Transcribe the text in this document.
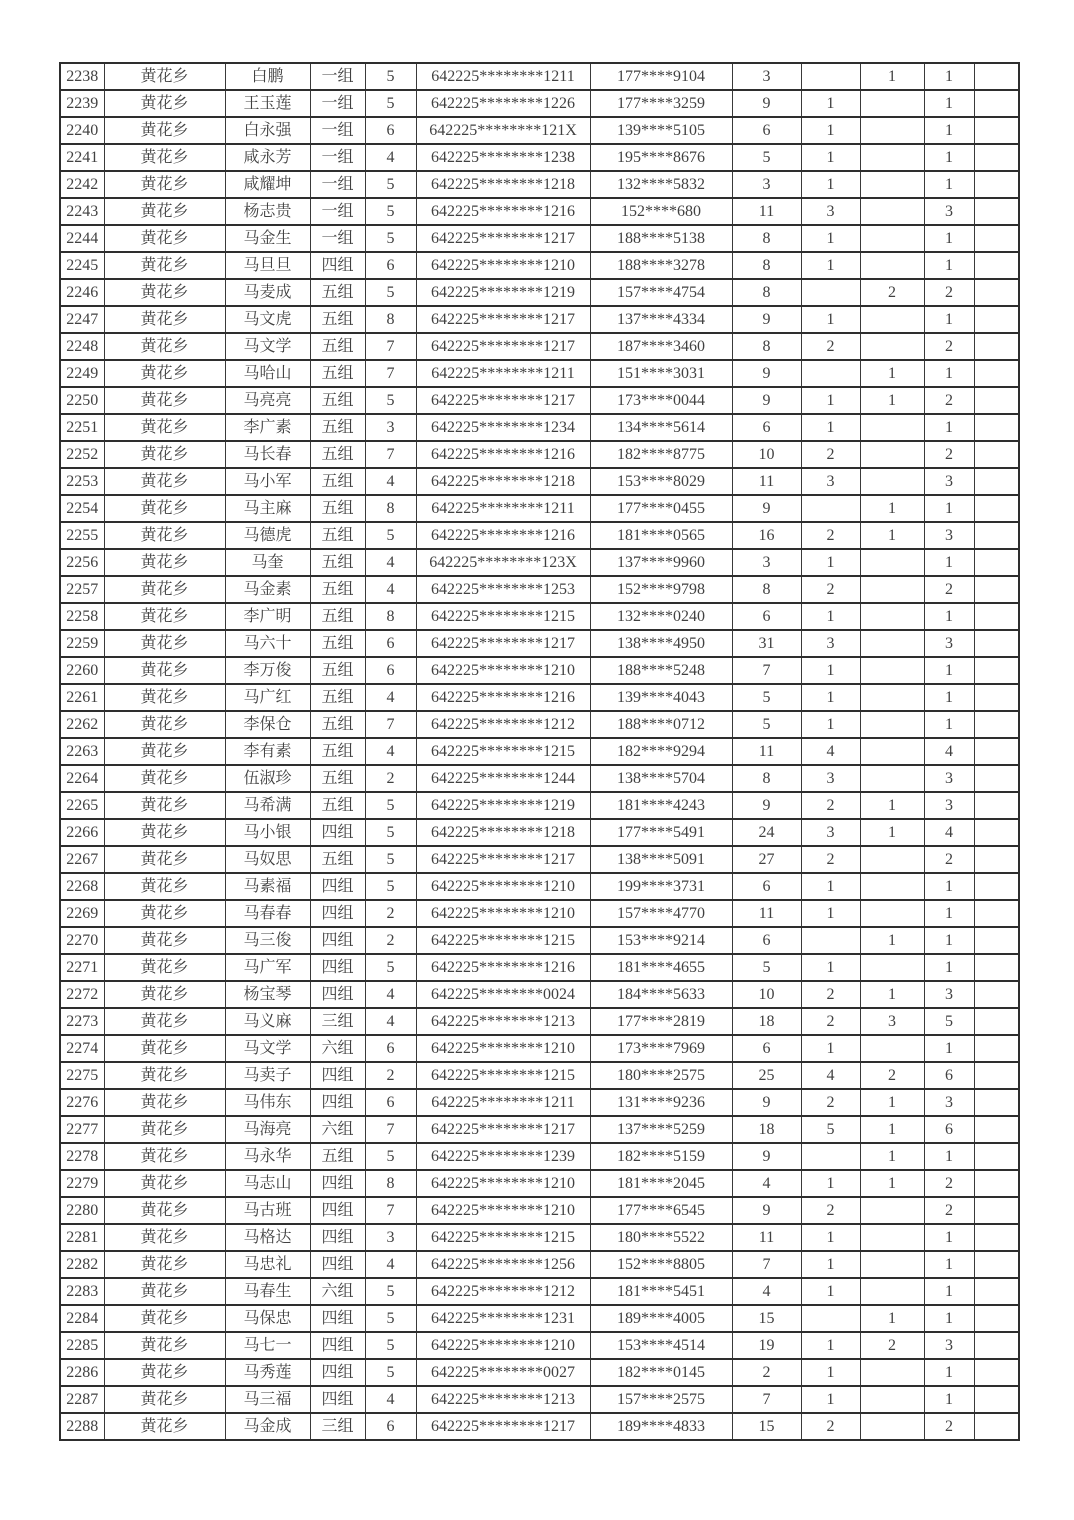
2238	黄花乡	白鹏	一组	5	642225********1211	177****9104	3		1	1	
2239	黄花乡	王玉莲	一组	5	642225********1226	177****3259	9	1		1	
2240	黄花乡	白永强	一组	6	642225********121X	139****5105	6	1		1	
2241	黄花乡	咸永芳	一组	4	642225********1238	195****8676	5	1		1	
2242	黄花乡	咸耀坤	一组	5	642225********1218	132****5832	3	1		1	
2243	黄花乡	杨志贵	一组	5	642225********1216	152****680	11	3		3	
2244	黄花乡	马金生	一组	5	642225********1217	188****5138	8	1		1	
2245	黄花乡	马旦旦	四组	6	642225********1210	188****3278	8	1		1	
2246	黄花乡	马麦成	五组	5	642225********1219	157****4754	8		2	2	
2247	黄花乡	马文虎	五组	8	642225********1217	137****4334	9	1		1	
2248	黄花乡	马文学	五组	7	642225********1217	187****3460	8	2		2	
2249	黄花乡	马哈山	五组	7	642225********1211	151****3031	9		1	1	
2250	黄花乡	马亮亮	五组	5	642225********1217	173****0044	9	1	1	2	
2251	黄花乡	李广素	五组	3	642225********1234	134****5614	6	1		1	
2252	黄花乡	马长春	五组	7	642225********1216	182****8775	10	2		2	
2253	黄花乡	马小军	五组	4	642225********1218	153****8029	11	3		3	
2254	黄花乡	马主麻	五组	8	642225********1211	177****0455	9		1	1	
2255	黄花乡	马德虎	五组	5	642225********1216	181****0565	16	2	1	3	
2256	黄花乡	马奎	五组	4	642225********123X	137****9960	3	1		1	
2257	黄花乡	马金素	五组	4	642225********1253	152****9798	8	2		2	
2258	黄花乡	李广明	五组	8	642225********1215	132****0240	6	1		1	
2259	黄花乡	马六十	五组	6	642225********1217	138****4950	31	3		3	
2260	黄花乡	李万俊	五组	6	642225********1210	188****5248	7	1		1	
2261	黄花乡	马广红	五组	4	642225********1216	139****4043	5	1		1	
2262	黄花乡	李保仓	五组	7	642225********1212	188****0712	5	1		1	
2263	黄花乡	李有素	五组	4	642225********1215	182****9294	11	4		4	
2264	黄花乡	伍淑珍	五组	2	642225********1244	138****5704	8	3		3	
2265	黄花乡	马希满	五组	5	642225********1219	181****4243	9	2	1	3	
2266	黄花乡	马小银	四组	5	642225********1218	177****5491	24	3	1	4	
2267	黄花乡	马奴思	五组	5	642225********1217	138****5091	27	2		2	
2268	黄花乡	马素福	四组	5	642225********1210	199****3731	6	1		1	
2269	黄花乡	马春春	四组	2	642225********1210	157****4770	11	1		1	
2270	黄花乡	马三俊	四组	2	642225********1215	153****9214	6		1	1	
2271	黄花乡	马广军	四组	5	642225********1216	181****4655	5	1		1	
2272	黄花乡	杨宝琴	四组	4	642225********0024	184****5633	10	2	1	3	
2273	黄花乡	马义麻	三组	4	642225********1213	177****2819	18	2	3	5	
2274	黄花乡	马文学	六组	6	642225********1210	173****7969	6	1		1	
2275	黄花乡	马卖子	四组	2	642225********1215	180****2575	25	4	2	6	
2276	黄花乡	马伟东	四组	6	642225********1211	131****9236	9	2	1	3	
2277	黄花乡	马海亮	六组	7	642225********1217	137****5259	18	5	1	6	
2278	黄花乡	马永华	五组	5	642225********1239	182****5159	9		1	1	
2279	黄花乡	马志山	四组	8	642225********1210	181****2045	4	1	1	2	
2280	黄花乡	马古班	四组	7	642225********1210	177****6545	9	2		2	
2281	黄花乡	马格达	四组	3	642225********1215	180****5522	11	1		1	
2282	黄花乡	马忠礼	四组	4	642225********1256	152****8805	7	1		1	
2283	黄花乡	马春生	六组	5	642225********1212	181****5451	4	1		1	
2284	黄花乡	马保忠	四组	5	642225********1231	189****4005	15		1	1	
2285	黄花乡	马七一	四组	5	642225********1210	153****4514	19	1	2	3	
2286	黄花乡	马秀莲	四组	5	642225********0027	182****0145	2	1		1	
2287	黄花乡	马三福	四组	4	642225********1213	157****2575	7	1		1	
2288	黄花乡	马金成	三组	6	642225********1217	189****4833	15	2		2	
